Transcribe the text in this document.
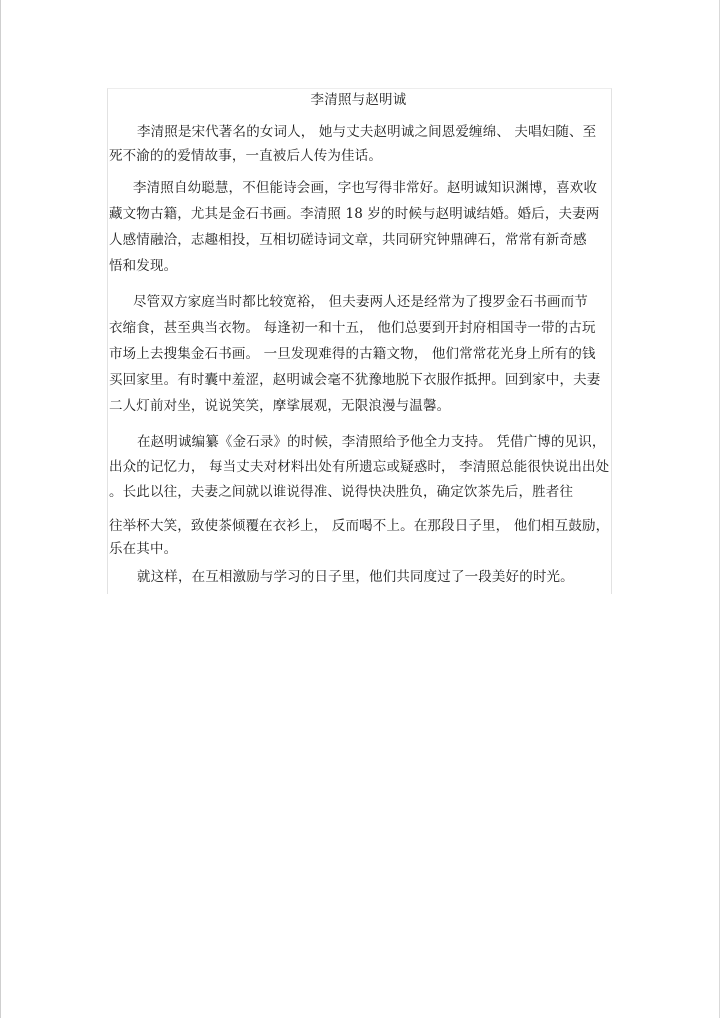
李清照与赵明诚
李清照是宋代著名的女词人， 她与丈夫赵明诚之间恩爱缠绵、 夫唱妇随、至
死不渝的的爱情故事，一直被后人传为佳话。
李清照自幼聪慧，不但能诗会画，字也写得非常好。赵明诚知识渊博，喜欢收
藏文物古籍，尤其是金石书画。李清照 18 岁的时候与赵明诚结婚。婚后，夫妻两
人感情融洽，志趣相投，互相切磋诗词文章，共同研究钟鼎碑石，常常有新奇感
悟和发现。
尽管双方家庭当时都比较宽裕， 但夫妻两人还是经常为了搜罗金石书画而节
衣缩食，甚至典当衣物。 每逢初一和十五， 他们总要到开封府相国寺一带的古玩
市场上去搜集金石书画。 一旦发现难得的古籍文物， 他们常常花光身上所有的钱
买回家里。有时囊中羞涩，赵明诚会毫不犹豫地脱下衣服作抵押。回到家中，夫妻
二人灯前对坐，说说笑笑，摩挲展观，无限浪漫与温馨。
在赵明诚编纂《金石录》的时候，李清照给予他全力支持。 凭借广博的见识，
出众的记忆力， 每当丈夫对材料出处有所遗忘或疑惑时， 李清照总能很快说出出处
。长此以往，夫妻之间就以谁说得准、说得快决胜负，确定饮茶先后，胜者往
往举杯大笑，致使茶倾覆在衣衫上， 反而喝不上。在那段日子里， 他们相互鼓励，
乐在其中。
就这样，在互相激励与学习的日子里，他们共同度过了一段美好的时光。
